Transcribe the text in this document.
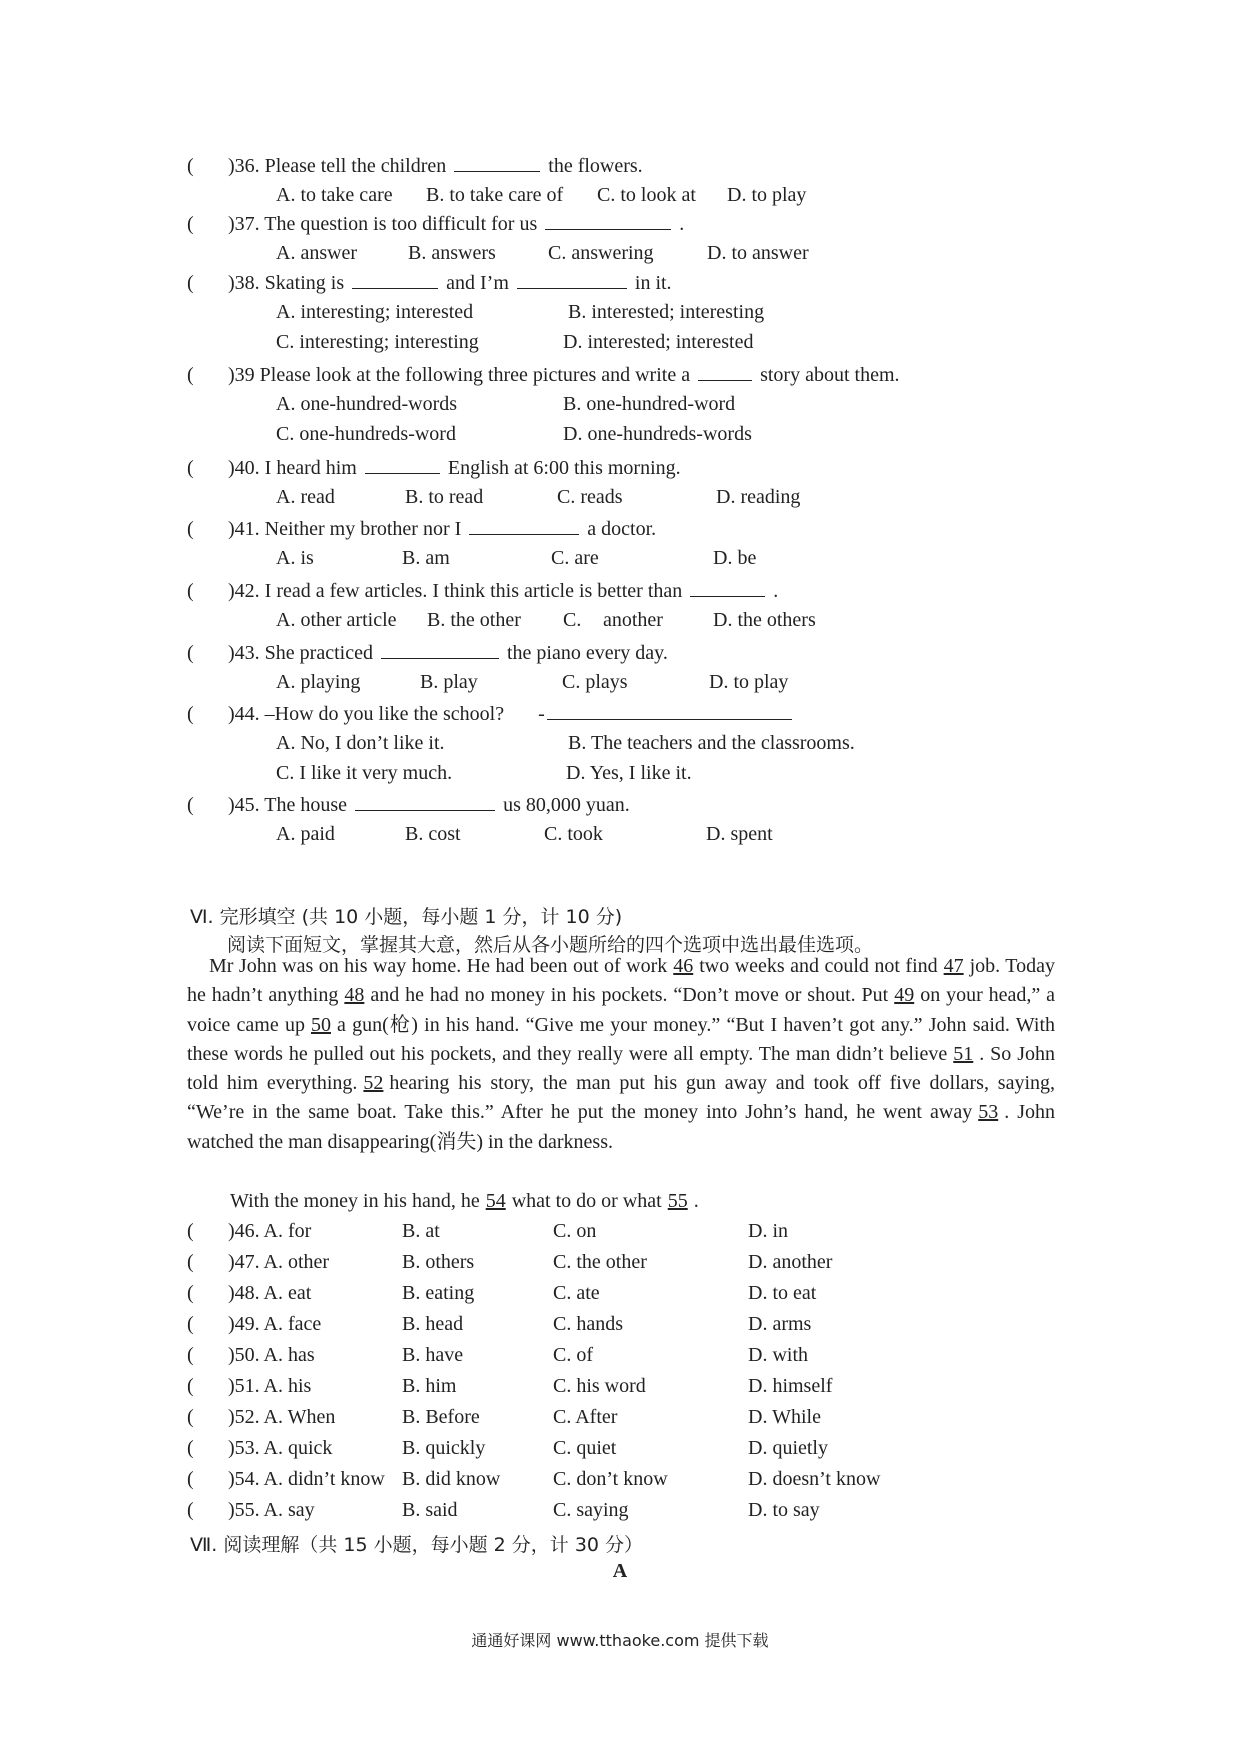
( )36. Please tell the children	the flowers.
A. to take care B. to take care of C. to look at D. to play
( )37. The question is too difficult for us	.
A. answer	B. answers	C. answering	D. to answer
( )38. Skating is	and I’m	in it.
A. interesting; interested	B. interested; interesting
C. interesting; interesting	D. interested; interested
( )39 Please look at the following three pictures and write a	story about them.
A. one-hundred-words	B. one-hundred-word
C. one-hundreds-word	D. one-hundreds-words
( )40. I heard him	English at 6:00 this morning.
A. read	B. to read	C. reads	D. reading
( )41. Neither my brother nor I	a doctor.
A. is	B. am	C. are	D. be
( )42. I read a few articles. I think this article is better than	.
A. other article B. the other C. another	D. the others
( )43. She practiced	the piano every day.
A. playing	B. play	C. plays	D. to play
( )44. –How do you like the school? -
A. No, I don’t like it.	B. The teachers and the classrooms.
C. I like it very much.	D. Yes, I like it.
( )45. The house	us 80,000 yuan.
A. paid	B. cost	C. took	D. spent
Ⅵ. 完形填空 (共 10 小题，每小题 1 分，计 10 分)
阅读下面短文，掌握其大意，然后从各小题所给的四个选项中选出最佳选项。
Mr John was on his way home. He had been out of work 46 two weeks and could not find 47 job. Today he hadn’t anything 48 and he had no money in his pockets. “Don’t move or shout. Put 49 on your head,” a voice came up 50 a gun(枪) in his hand. “Give me your money.” “But I haven’t got any.” John said. With these words he pulled out his pockets, and they really were all empty. The man didn’t believe 51 . So John told him everything. 52 hearing his story, the man put his gun away and took off five dollars, saying, “We’re in the same boat. Take this.” After he put the money into John’s hand, he went away 53 . John watched the man disappearing(消失) in the darkness.
With the money in his hand, he 54 what to do or what 55 .
( )46. A. for	B. at	C. on	D. in
( )47. A. other	B. others	C. the other	D. another
( )48. A. eat	B. eating	C. ate	D. to eat
( )49. A. face	B. head	C. hands	D. arms
( )50. A. has	B. have	C. of	D. with
( )51. A. his	B. him	C. his word	D. himself
( )52. A. When	B. Before	C. After	D. While
( )53. A. quick	B. quickly	C. quiet	D. quietly
( )54. A. didn’t know B. did know	C. don’t know	D. doesn’t know
( )55. A. say	B. said	C. saying	D. to say
Ⅶ. 阅读理解（共 15 小题，每小题 2 分，计 30 分）
A
通通好课网 www.tthaoke.com 提供下载
